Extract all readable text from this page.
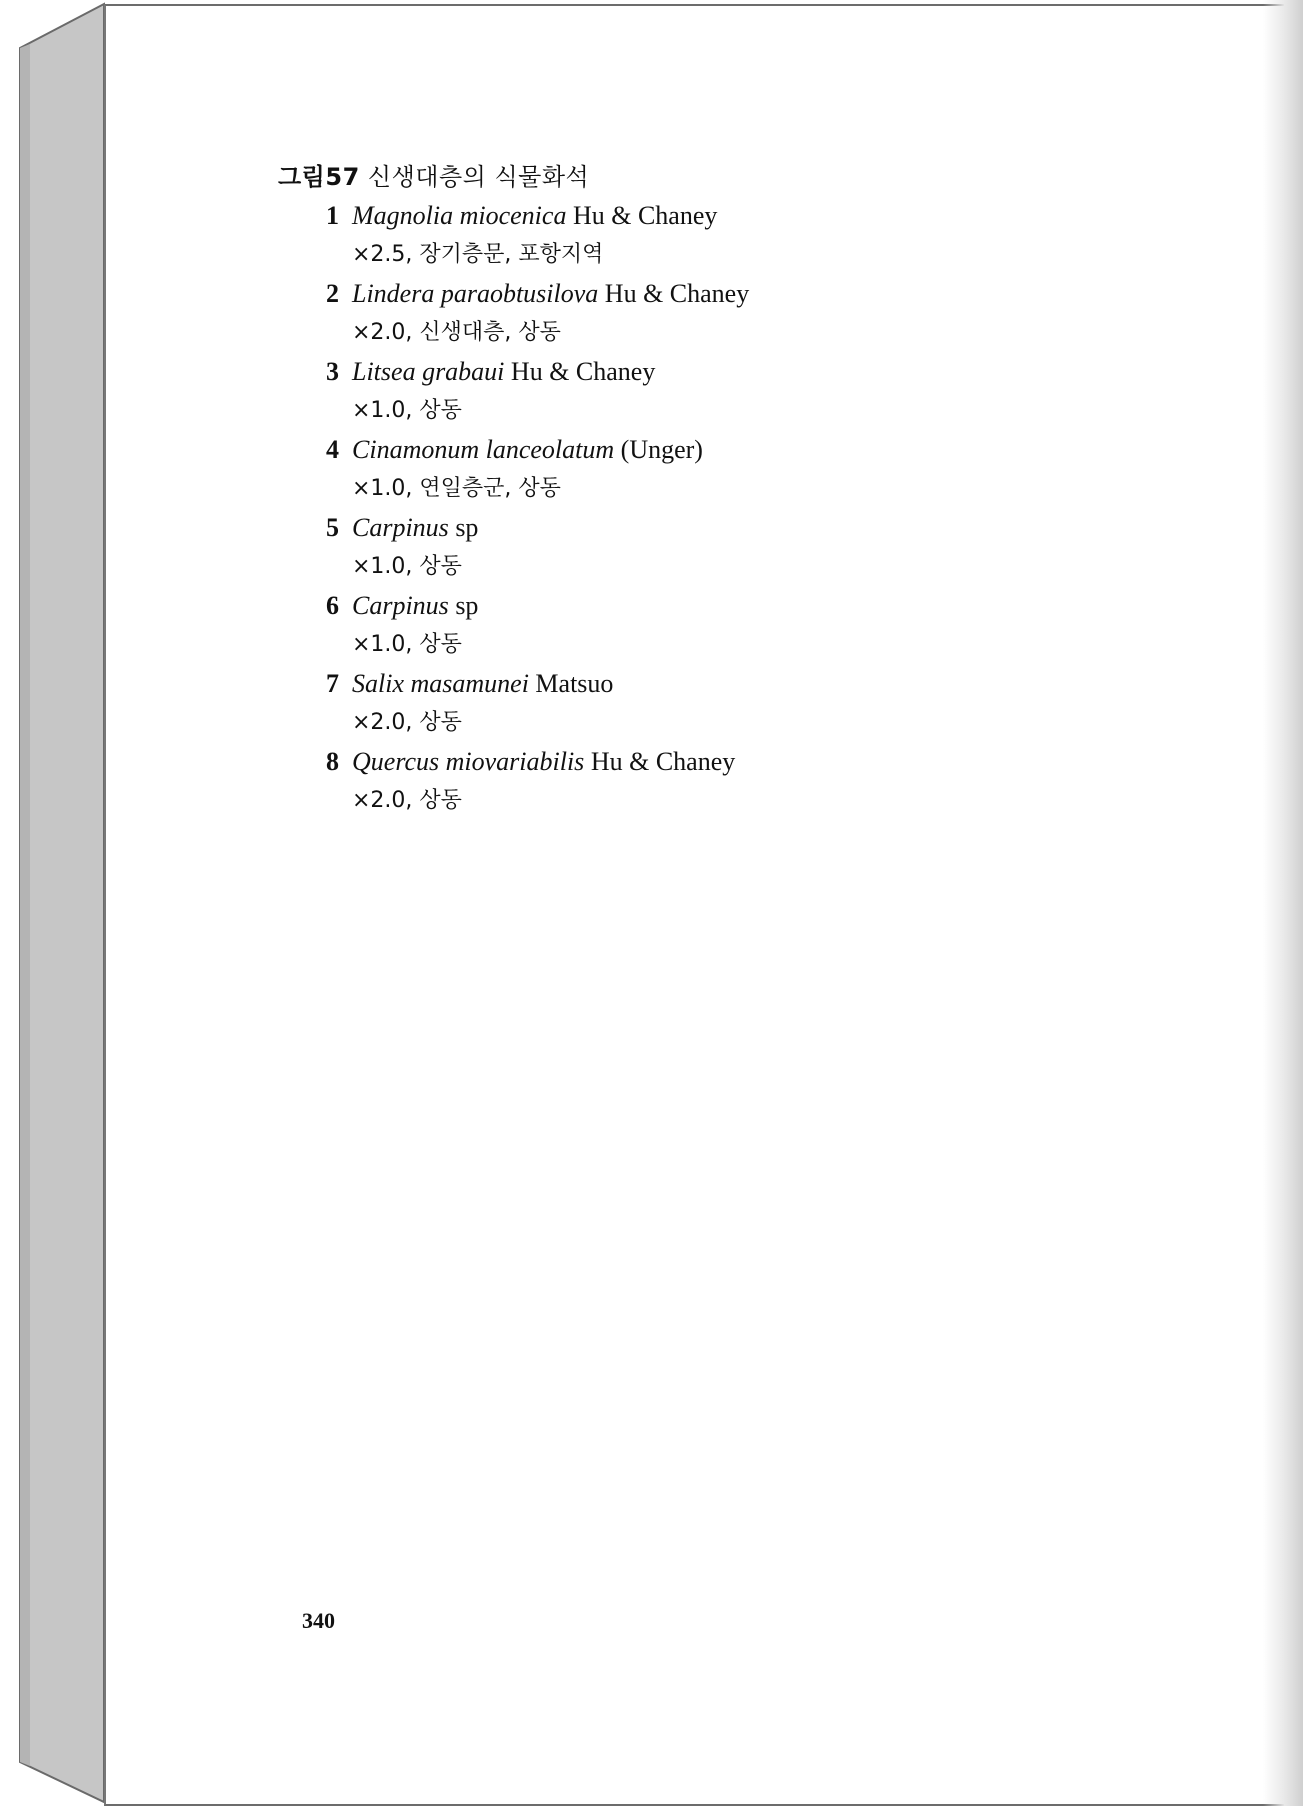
그림57 신생대층의 식물화석
1 Magnolia miocenica Hu & Chaney
×2.5, 장기층문, 포항지역
2 Lindera paraobtusilova Hu & Chaney
×2.0, 신생대층, 상동
3 Litsea grabaui Hu & Chaney
×1.0, 상동
4 Cinamonum lanceolatum (Unger)
×1.0, 연일층군, 상동
5 Carpinus sp
×1.0, 상동
6 Carpinus sp
×1.0, 상동
7 Salix masamunei Matsuo
×2.0, 상동
8 Quercus miovariabilis Hu & Chaney
×2.0, 상동
340
